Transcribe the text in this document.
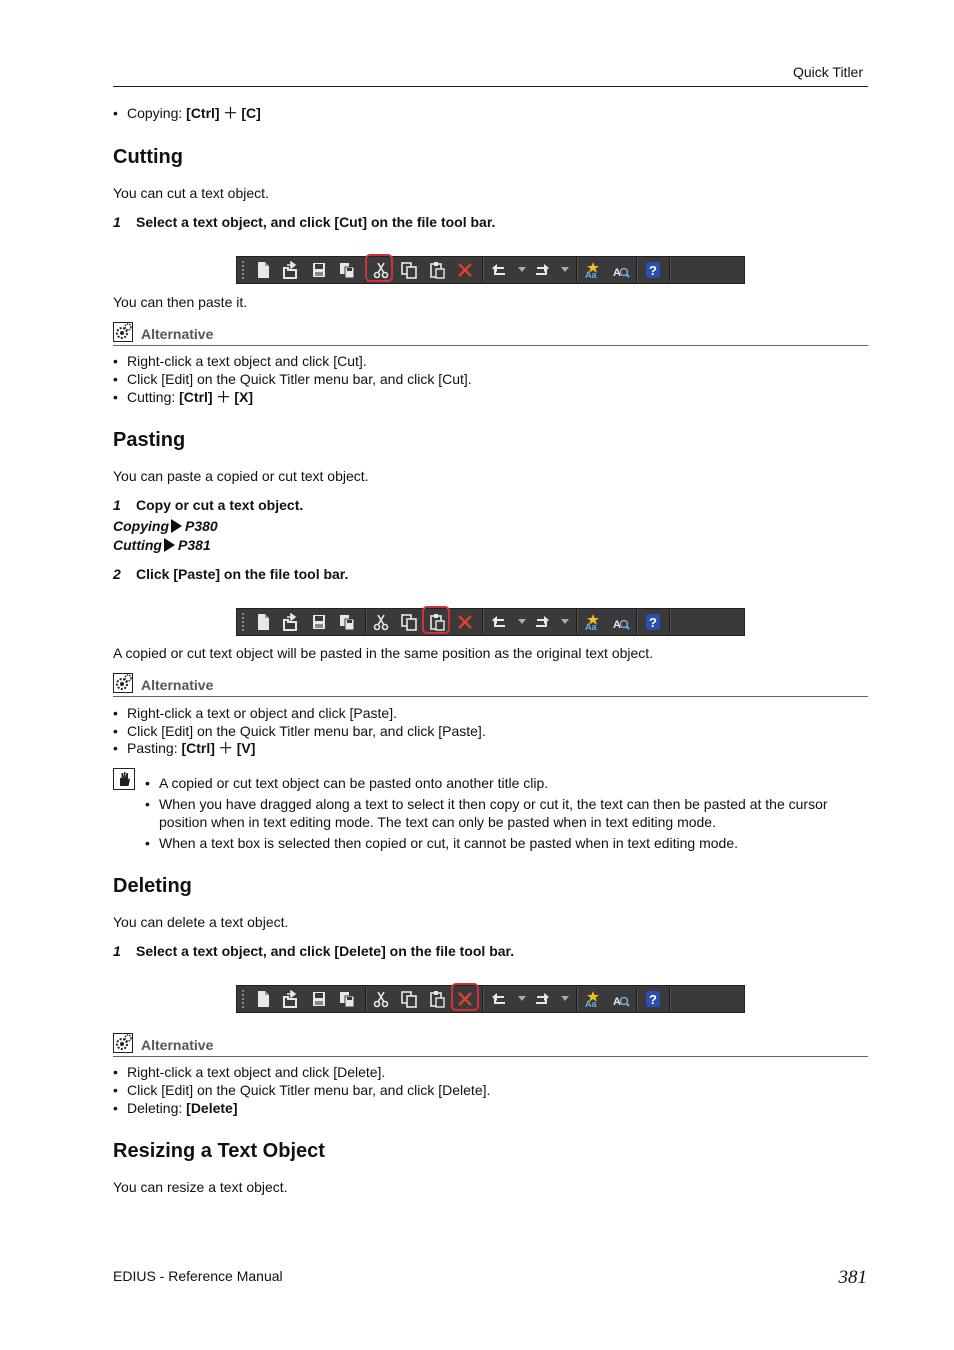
Quick Titler
• Copying: [Ctrl] ＋ [C]
Cutting
You can cut a text object.
1 Select a text object, and click [Cut] on the file tool bar.
Aa A ?
You can then paste it.
Alternative
• Right-click a text object and click [Cut].
• Click [Edit] on the Quick Titler menu bar, and click [Cut].
• Cutting: [Ctrl] ＋ [X]
Pasting
You can paste a copied or cut text object.
1 Copy or cut a text object.
Copying P380
Cutting P381
2 Click [Paste] on the file tool bar.
Aa A ?
A copied or cut text object will be pasted in the same position as the original text object.
Alternative
• Right-click a text or object and click [Paste].
• Click [Edit] on the Quick Titler menu bar, and click [Paste].
• Pasting: [Ctrl] ＋ [V]
• A copied or cut text object can be pasted onto another title clip.
• When you have dragged along a text to select it then copy or cut it, the text can then be pasted at the cursor position when in text editing mode. The text can only be pasted when in text editing mode.
• When a text box is selected then copied or cut, it cannot be pasted when in text editing mode.
Deleting
You can delete a text object.
1 Select a text object, and click [Delete] on the file tool bar.
Aa A ?
Alternative
• Right-click a text object and click [Delete].
• Click [Edit] on the Quick Titler menu bar, and click [Delete].
• Deleting: [Delete]
Resizing a Text Object
You can resize a text object.
EDIUS - Reference Manual	381
